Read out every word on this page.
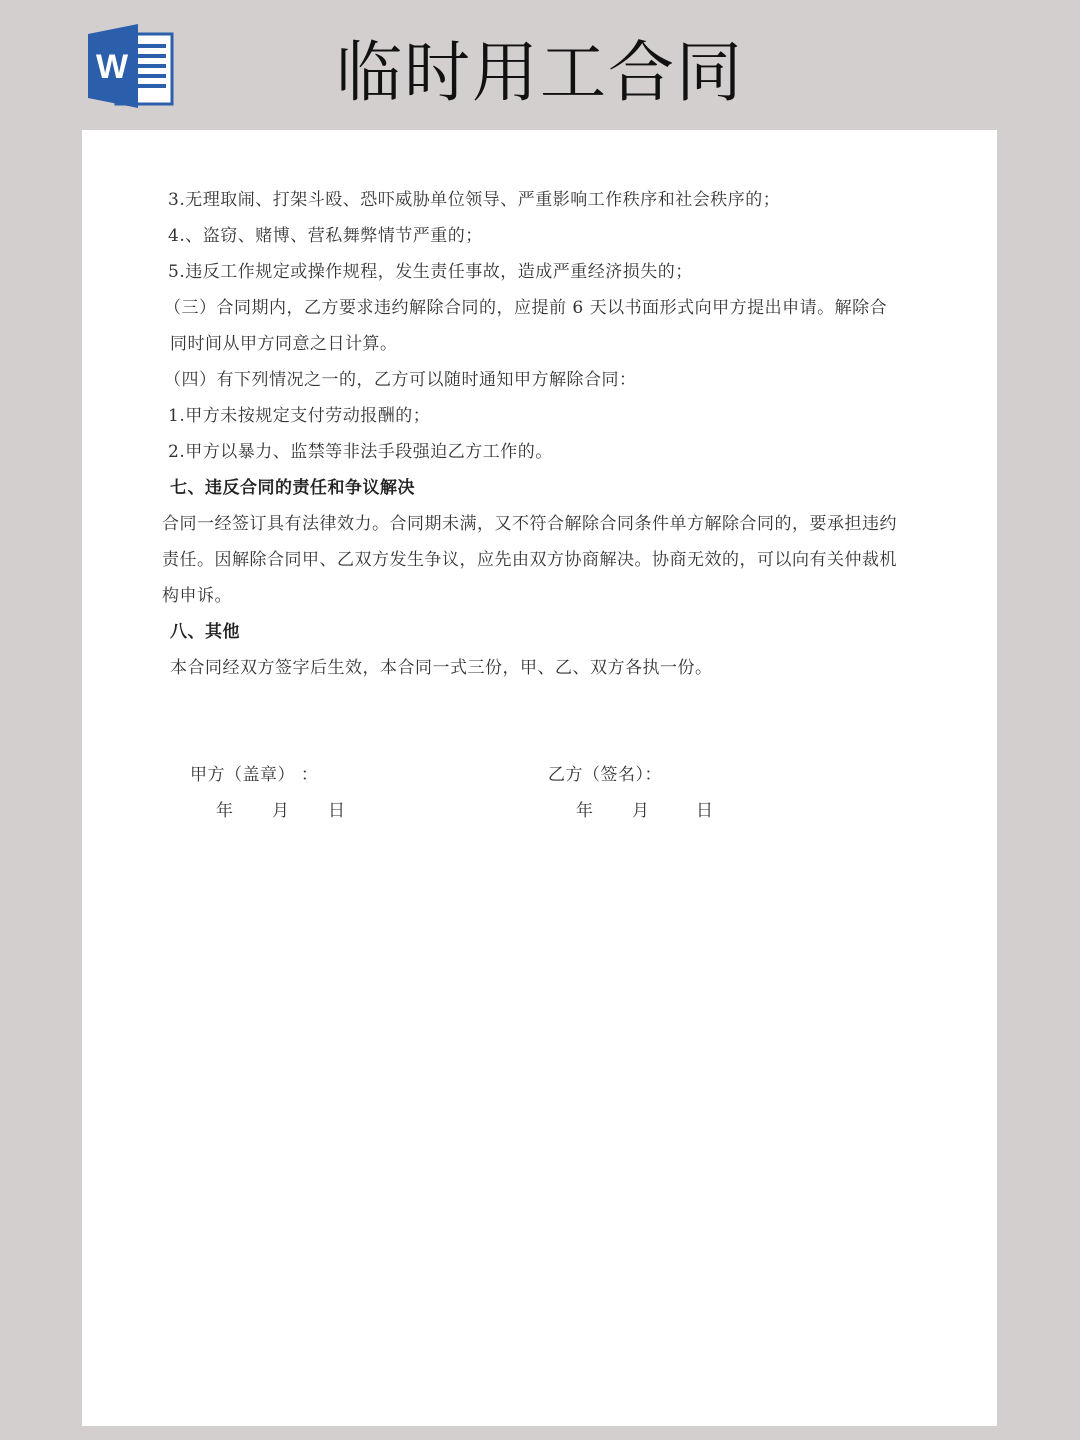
W	临时用工合同
3.无理取闹、打架斗殴、恐吓威胁单位领导、严重影响工作秩序和社会秩序的；
4.、盗窃、赌博、营私舞弊情节严重的；
5.违反工作规定或操作规程，发生责任事故，造成严重经济损失的；
（三）合同期内，乙方要求违约解除合同的，应提前 6 天以书面形式向甲方提出申请。解除合
同时间从甲方同意之日计算。
（四）有下列情况之一的，乙方可以随时通知甲方解除合同：
1.甲方未按规定支付劳动报酬的；
2.甲方以暴力、监禁等非法手段强迫乙方工作的。
七、违反合同的责任和争议解决
合同一经签订具有法律效力。合同期未满，又不符合解除合同条件单方解除合同的，要承担违约
责任。因解除合同甲、乙双方发生争议，应先由双方协商解决。协商无效的，可以向有关仲裁机
构申诉。
八、其他
本合同经双方签字后生效，本合同一式三份，甲、乙、双方各执一份。
甲方（盖章） ：	乙方（签名）：
年 月 日	年 月	日
